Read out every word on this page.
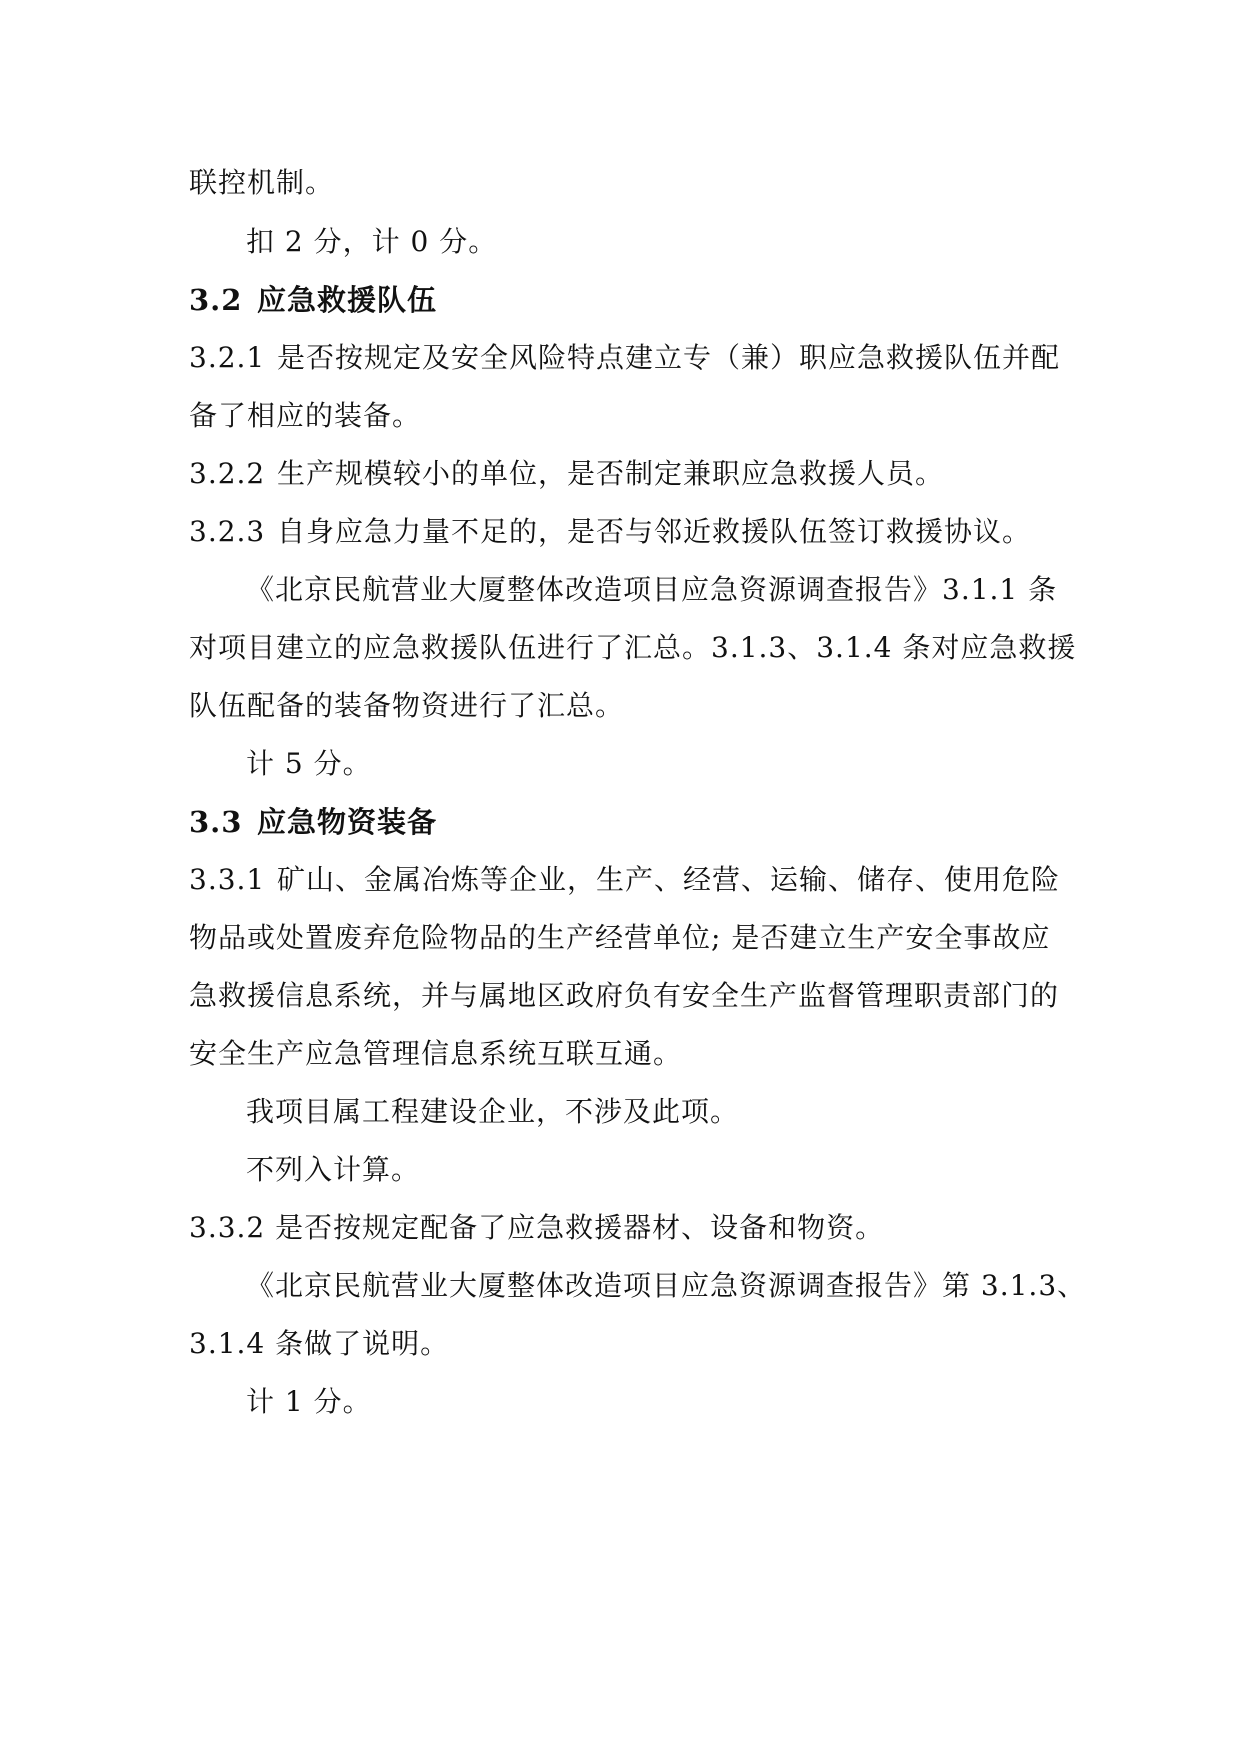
联控机制。
扣 2 分，计 0 分。
3.2 应急救援队伍
3.2.1 是否按规定及安全风险特点建立专（兼）职应急救援队伍并配
备了相应的装备。
3.2.2 生产规模较小的单位，是否制定兼职应急救援人员。
3.2.3 自身应急力量不足的，是否与邻近救援队伍签订救援协议。
《北京民航营业大厦整体改造项目应急资源调查报告》3.1.1 条
对项目建立的应急救援队伍进行了汇总。3.1.3、3.1.4 条对应急救援
队伍配备的装备物资进行了汇总。
计 5 分。
3.3 应急物资装备
3.3.1 矿山、金属冶炼等企业，生产、经营、运输、储存、使用危险
物品或处置废弃危险物品的生产经营单位; 是否建立生产安全事故应
急救援信息系统，并与属地区政府负有安全生产监督管理职责部门的
安全生产应急管理信息系统互联互通。
我项目属工程建设企业，不涉及此项。
不列入计算。
3.3.2 是否按规定配备了应急救援器材、设备和物资。
《北京民航营业大厦整体改造项目应急资源调查报告》第 3.1.3、
3.1.4 条做了说明。
计 1 分。
